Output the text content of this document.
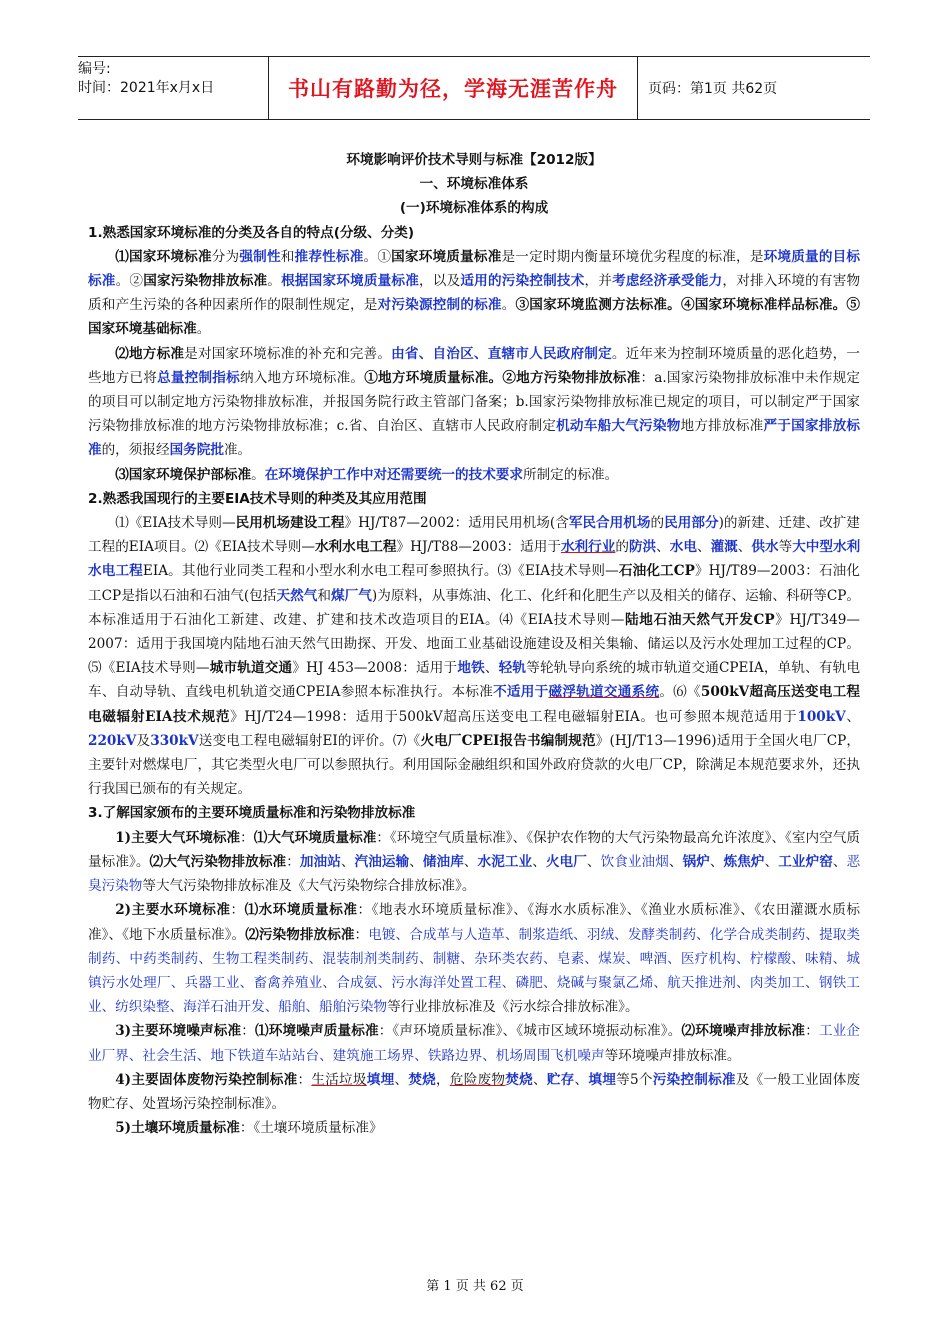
编号:
时间：2021年x月x日	书山有路勤为径，学海无涯苦作舟	页码：第1页 共62页
环境影响评价技术导则与标准【2012版】
一、环境标准体系
(一)环境标准体系的构成
1.熟悉国家环境标准的分类及各自的特点(分级、分类)

⑴国家环境标准分为强制性和推荐性标准。①国家环境质量标准是一定时期内衡量环境优劣程度的标准，是环境质量的目标标准。②国家污染物排放标准。根据国家环境质量标准，以及适用的污染控制技术，并考虑经济承受能力，对排入环境的有害物质和产生污染的各种因素所作的限制性规定，是对污染源控制的标准。③国家环境监测方法标准。④国家环境标准样品标准。⑤国家环境基础标准。

⑵地方标准是对国家环境标准的补充和完善。由省、自治区、直辖市人民政府制定。近年来为控制环境质量的恶化趋势，一些地方已将总量控制指标纳入地方环境标准。①地方环境质量标准。②地方污染物排放标准：a.国家污染物排放标准中未作规定的项目可以制定地方污染物排放标准，并报国务院行政主管部门备案；b.国家污染物排放标准已规定的项目，可以制定严于国家污染物排放标准的地方污染物排放标准；c.省、自治区、直辖市人民政府制定机动车船大气污染物地方排放标准严于国家排放标准的，须报经国务院批准。

⑶国家环境保护部标准。在环境保护工作中对还需要统一的技术要求所制定的标准。

2.熟悉我国现行的主要EIA技术导则的种类及其应用范围

⑴《EIA技术导则—民用机场建设工程》HJ/T87—2002：适用民用机场(含军民合用机场的民用部分)的新建、迁建、改扩建工程的EIA项目。⑵《EIA技术导则—水利水电工程》HJ/T88—2003：适用于水利行业的防洪、水电、灌溉、供水等大中型水利水电工程EIA。其他行业同类工程和小型水利水电工程可参照执行。⑶《EIA技术导则—石油化工CP》HJ/T89—2003：石油化工CP是指以石油和石油气(包括天然气和煤厂气)为原料，从事炼油、化工、化纤和化肥生产以及相关的储存、运输、科研等CP。本标准适用于石油化工新建、改建、扩建和技术改造项目的EIA。⑷《EIA技术导则—陆地石油天然气开发CP》HJ/T349—2007：适用于我国境内陆地石油天然气田勘探、开发、地面工业基础设施建设及相关集输、储运以及污水处理加工过程的CP。⑸《EIA技术导则—城市轨道交通》HJ 453—2008：适用于地铁、轻轨等轮轨导向系统的城市轨道交通CPEIA，单轨、有轨电车、自动导轨、直线电机轨道交通CPEIA参照本标准执行。本标准不适用于磁浮轨道交通系统。⑹《500kV超高压送变电工程电磁辐射EIA技术规范》HJ/T24—1998：适用于500kV超高压送变电工程电磁辐射EIA。也可参照本规范适用于100kV、220kV及330kV送变电工程电磁辐射EI的评价。⑺《火电厂CPEI报告书编制规范》(HJ/T13—1996)适用于全国火电厂CP，主要针对燃煤电厂，其它类型火电厂可以参照执行。利用国际金融组织和国外政府贷款的火电厂CP，除满足本规范要求外，还执行我国已颁布的有关规定。

3.了解国家颁布的主要环境质量标准和污染物排放标准

1)主要大气环境标准：⑴大气环境质量标准：《环境空气质量标准》、《保护农作物的大气污染物最高允许浓度》、《室内空气质量标准》。⑵大气污染物排放标准：加油站、汽油运输、储油库、水泥工业、火电厂、饮食业油烟、锅炉、炼焦炉、工业炉窑、恶臭污染物等大气污染物排放标准及《大气污染物综合排放标准》。

2)主要水环境标准：⑴水环境质量标准：《地表水环境质量标准》、《海水水质标准》、《渔业水质标准》、《农田灌溉水质标准》、《地下水质量标准》。⑵污染物排放标准：电镀、合成革与人造革、制浆造纸、羽绒、发酵类制药、化学合成类制药、提取类制药、中药类制药、生物工程类制药、混装制剂类制药、制糖、杂环类农药、皂素、煤炭、啤酒、医疗机构、柠檬酸、味精、城镇污水处理厂、兵器工业、畜禽养殖业、合成氨、污水海洋处置工程、磷肥、烧碱与聚氯乙烯、航天推进剂、肉类加工、钢铁工业、纺织染整、海洋石油开发、船舶、船舶污染物等行业排放标准及《污水综合排放标准》。

3)主要环境噪声标准：⑴环境噪声质量标准：《声环境质量标准》、《城市区域环境振动标准》。⑵环境噪声排放标准：工业企业厂界、社会生活、地下铁道车站站台、建筑施工场界、铁路边界、机场周围飞机噪声等环境噪声排放标准。

4)主要固体废物污染控制标准：生活垃圾填埋、焚烧，危险废物焚烧、贮存、填埋等5个污染控制标准及《一般工业固体废物贮存、处置场污染控制标准》。

5)土壤环境质量标准：《土壤环境质量标准》

第 1 页 共 62 页
